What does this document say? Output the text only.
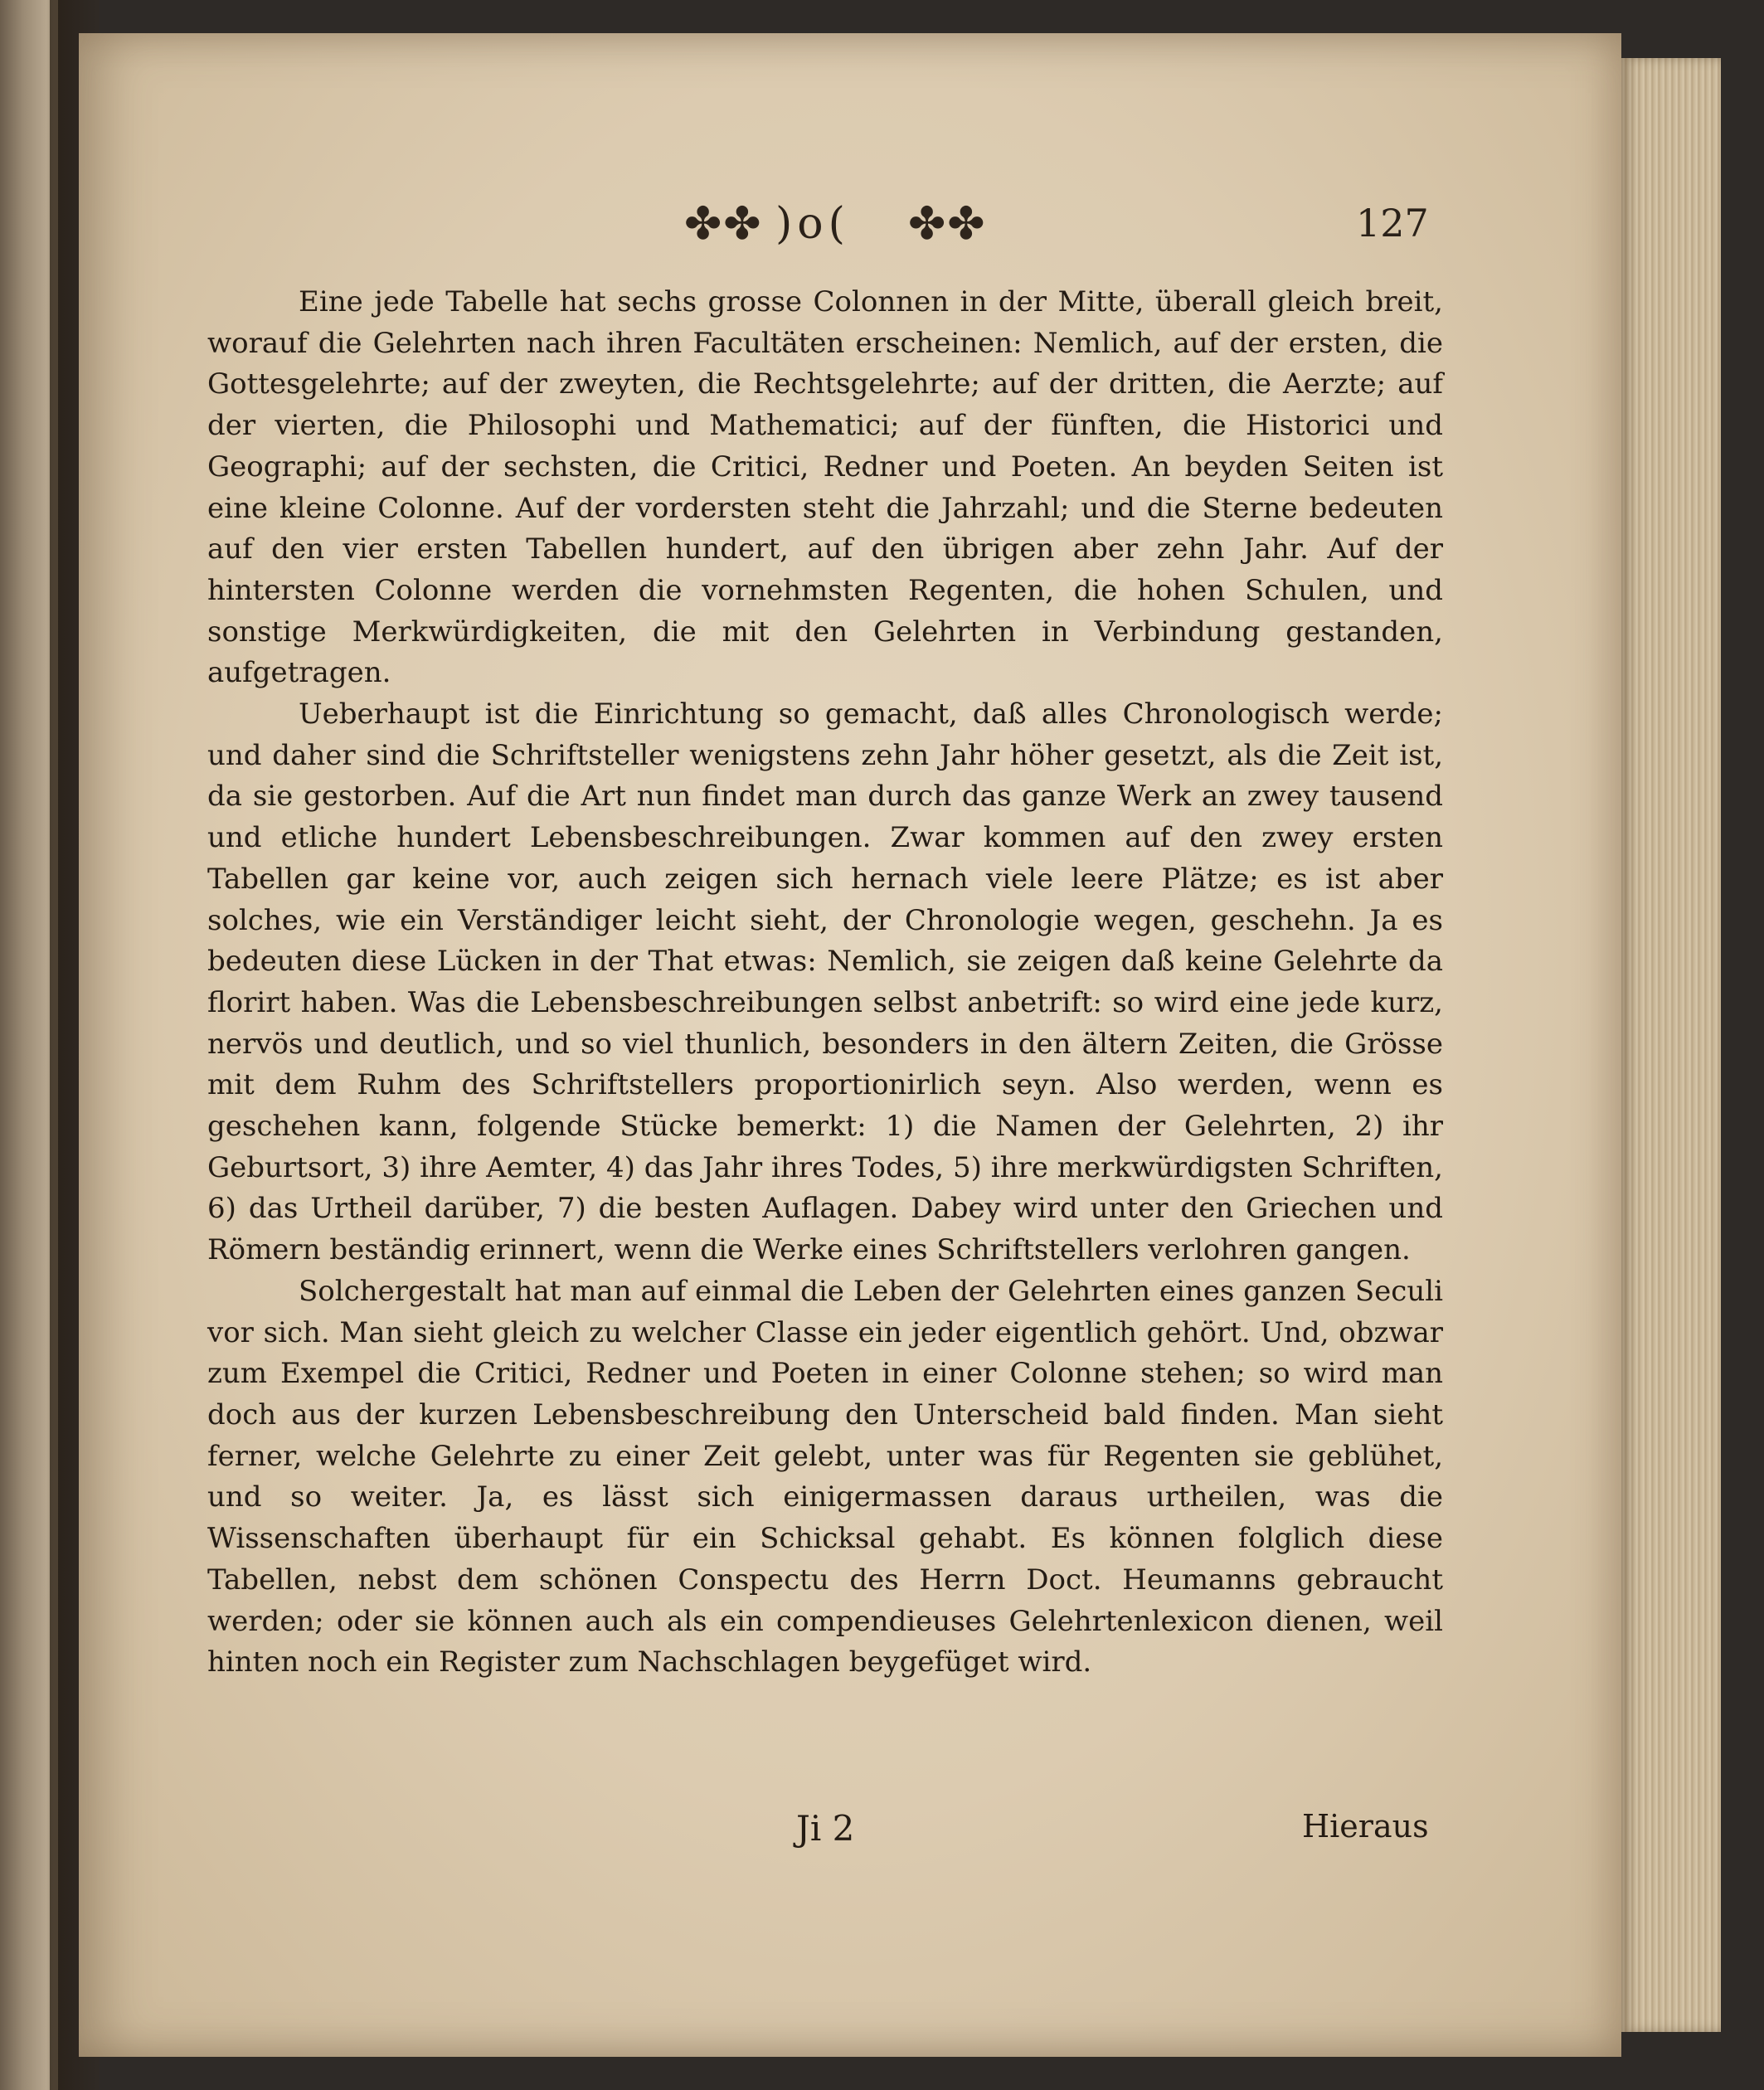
✤✤ )o( ✤✤	127

Eine jede Tabelle hat sechs grosse Colonnen in der Mitte, überall gleich breit, worauf die Gelehrten nach ihren Facultäten erscheinen: Nemlich, auf der ersten, die Gottesgelehrte; auf der zweyten, die Rechtsgelehrte; auf der dritten, die Aerzte; auf der vierten, die Philosophi und Mathematici; auf der fünften, die Historici und Geographi; auf der sechsten, die Critici, Redner und Poeten. An beyden Seiten ist eine kleine Colonne. Auf der vordersten steht die Jahrzahl; und die Sterne bedeuten auf den vier ersten Tabellen hundert, auf den übrigen aber zehn Jahr. Auf der hintersten Colonne werden die vornehmsten Regenten, die hohen Schulen, und sonstige Merkwürdigkeiten, die mit den Gelehrten in Verbindung gestanden, aufgetragen.

Ueberhaupt ist die Einrichtung so gemacht, daß alles Chronologisch werde; und daher sind die Schriftsteller wenigstens zehn Jahr höher gesetzt, als die Zeit ist, da sie gestorben. Auf die Art nun findet man durch das ganze Werk an zwey tausend und etliche hundert Lebensbeschreibungen. Zwar kommen auf den zwey ersten Tabellen gar keine vor, auch zeigen sich hernach viele leere Plätze; es ist aber solches, wie ein Verständiger leicht sieht, der Chronologie wegen, geschehn. Ja es bedeuten diese Lücken in der That etwas: Nemlich, sie zeigen daß keine Gelehrte da florirt haben. Was die Lebensbeschreibungen selbst anbetrift: so wird eine jede kurz, nervös und deutlich, und so viel thunlich, besonders in den ältern Zeiten, die Grösse mit dem Ruhm des Schriftstellers proportionirlich seyn. Also werden, wenn es geschehen kann, folgende Stücke bemerkt: 1) die Namen der Gelehrten, 2) ihr Geburtsort, 3) ihre Aemter, 4) das Jahr ihres Todes, 5) ihre merkwürdigsten Schriften, 6) das Urtheil darüber, 7) die besten Auflagen. Dabey wird unter den Griechen und Römern beständig erinnert, wenn die Werke eines Schriftstellers verlohren gangen.

Solchergestalt hat man auf einmal die Leben der Gelehrten eines ganzen Seculi vor sich. Man sieht gleich zu welcher Classe ein jeder eigentlich gehört. Und, obzwar zum Exempel die Critici, Redner und Poeten in einer Colonne stehen; so wird man doch aus der kurzen Lebensbeschreibung den Unterscheid bald finden. Man sieht ferner, welche Gelehrte zu einer Zeit gelebt, unter was für Regenten sie geblühet, und so weiter. Ja, es lässt sich einigermassen daraus urtheilen, was die Wissenschaften überhaupt für ein Schicksal gehabt. Es können folglich diese Tabellen, nebst dem schönen Conspectu des Herrn Doct. Heumanns gebraucht werden; oder sie können auch als ein compendieuses Gelehrtenlexicon dienen, weil hinten noch ein Register zum Nachschlagen beygefüget wird.

Ji 2	Hieraus
